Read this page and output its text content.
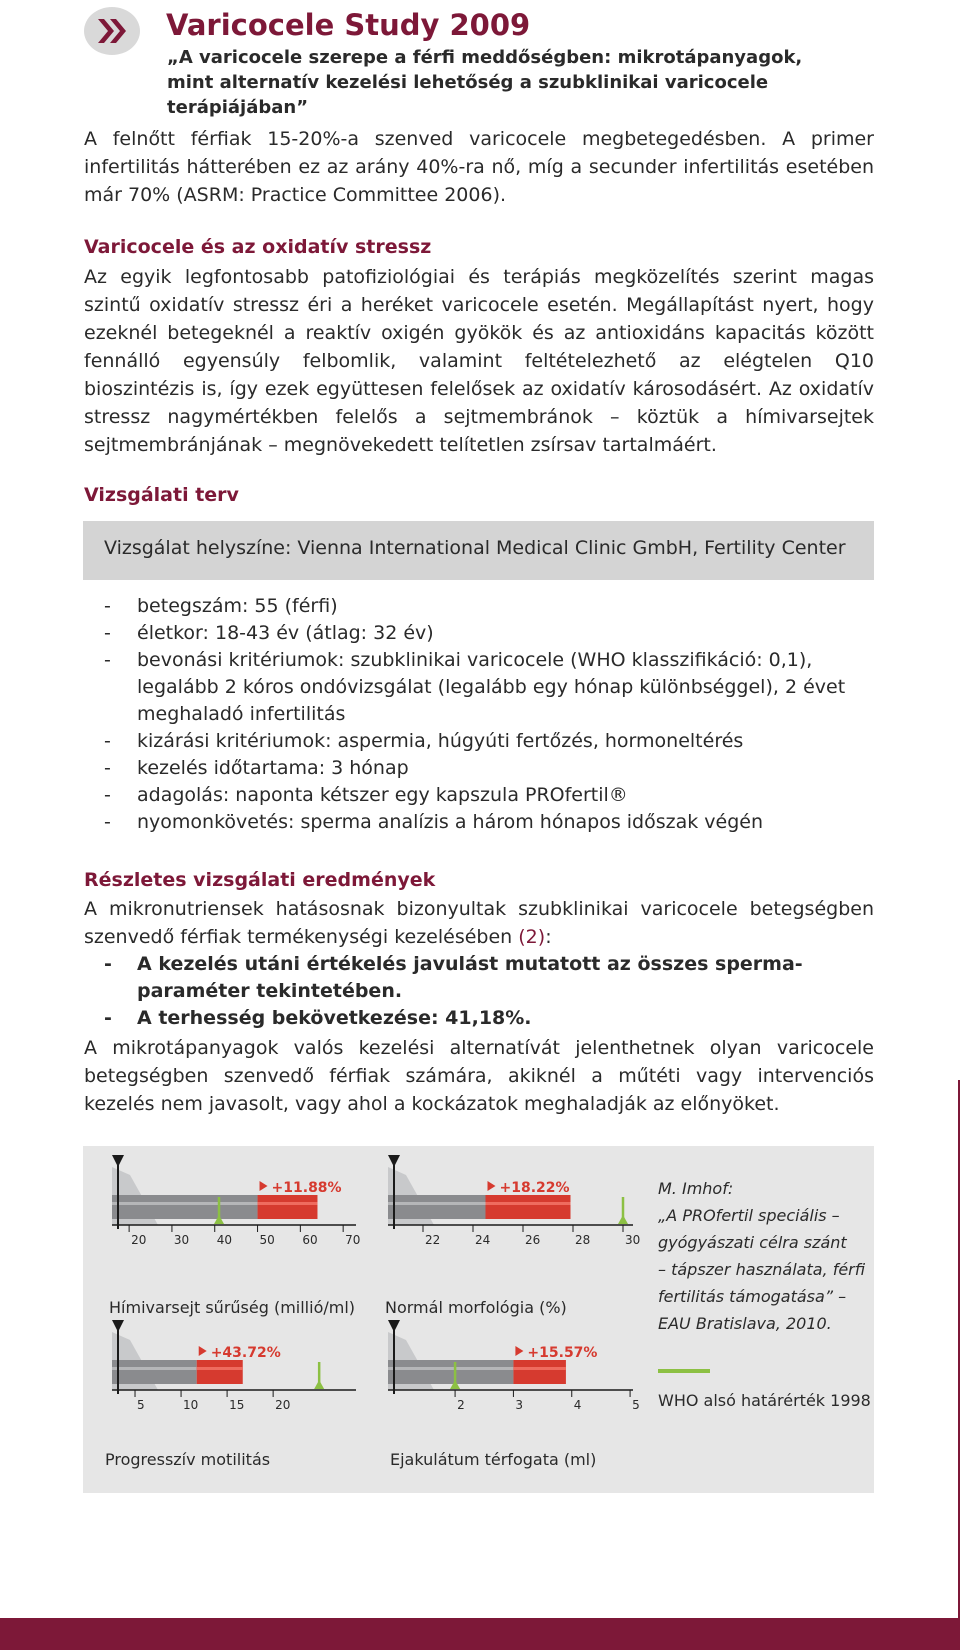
Varicocele Study 2009
„A varicocele szerepe a férfi meddőségben: mikrotápanyagok,
mint alternatív kezelési lehetőség a szubklinikai varicocele terápiájában”

A felnőtt férfiak 15-20%-a szenved varicocele megbetegedésben. A primer infertilitás hátterében ez az arány 40%-ra nő, míg a secunder infertilitás esetében már 70% (ASRM: Practice Committee 2006).

Varicocele és az oxidatív stressz

Az egyik legfontosabb patofiziológiai és terápiás megközelítés szerint magas szintű oxidatív stressz éri a heréket varicocele esetén. Megállapítást nyert, hogy ezeknél betegeknél a reaktív oxigén gyökök és az antioxidáns kapacitás között fennálló egyensúly felbomlik, valamint feltételezhető az elégtelen Q10 bioszintézis is, így ezek együttesen felelősek az oxidatív károsodásért. Az oxidatív stressz nagymértékben felelős a sejtmembránok – köztük a hímivarsejtek sejtmembránjának – megnövekedett telítetlen zsírsav tartalmáért.

Vizsgálati terv
Vizsgálat helyszíne: Vienna International Medical Clinic GmbH, Fertility Center
- betegszám: 55 (férfi)
- életkor: 18-43 év (átlag: 32 év)
- bevonási kritériumok: szubklinikai varicocele (WHO klasszifikáció: 0,1), legalább 2 kóros ondóvizsgálat (legalább egy hónap különbséggel), 2 évet meghaladó infertilitás
- kizárási kritériumok: aspermia, húgyúti fertőzés, hormoneltérés
- kezelés időtartama: 3 hónap
- adagolás: naponta kétszer egy kapszula PROfertil®
- nyomonkövetés: sperma analízis a három hónapos időszak végén
Részletes vizsgálati eredmények

A mikronutriensek hatásosnak bizonyultak szubklinikai varicocele betegségben szenvedő férfiak termékenységi kezelésében (2):

- A kezelés utáni értékelés javulást mutatott az összes sperma-paraméter tekintetében.
- A terhesség bekövetkezése: 41,18%.

A mikrotápanyagok valós kezelési alternatívát jelenthetnek olyan varicocele betegségben szenvedő férfiak számára, akiknél a műtéti vagy intervenciós kezelés nem javasolt, vagy ahol a kockázatok meghaladják az előnyöket.

+11.88%
20 30 40 50 60 70
Hímivarsejt sűrűség (millió/ml)
+18.22%
22	24	26	28	30
Normál morfológia (%)
+43.72%
5	10	15	20
Progresszív motilitás
+15.57%
2	3	4	5
Ejakulátum térfogata (ml)
M. Imhof:
„A PROfertil speciális –
gyógyászati célra szánt
– tápszer használata, férfi
fertilitás támogatása” –
EAU Bratislava, 2010.
WHO alsó határérték 1998
